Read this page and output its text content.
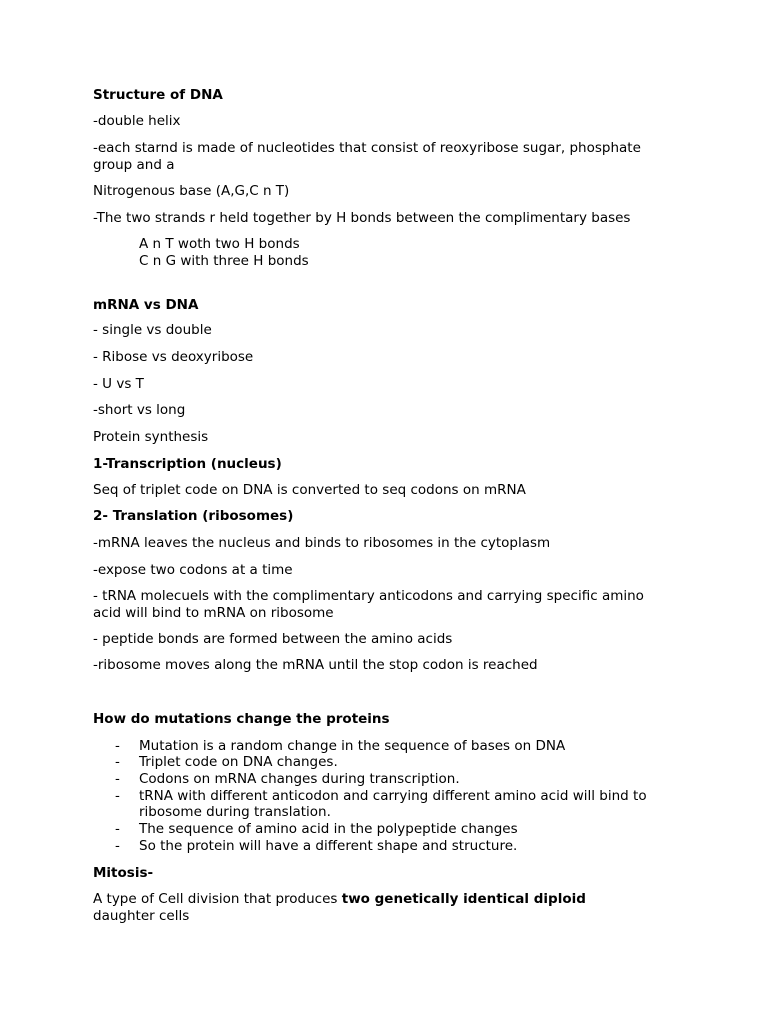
Structure of DNA
-double helix
-each starnd is made of nucleotides that consist of reoxyribose sugar, phosphate
group and a
Nitrogenous base (A,G,C n T)
-The two strands r held together by H bonds between the complimentary bases
A n T woth two H bonds
C n G with three H bonds
mRNA vs DNA
- single vs double
- Ribose vs deoxyribose
- U vs T
-short vs long
Protein synthesis
1-Transcription (nucleus)
Seq of triplet code on DNA is converted to seq codons on mRNA
2- Translation (ribosomes)
-mRNA leaves the nucleus and binds to ribosomes in the cytoplasm
-expose two codons at a time
- tRNA molecuels with the complimentary anticodons and carrying specific amino
acid will bind to mRNA on ribosome
- peptide bonds are formed between the amino acids
-ribosome moves along the mRNA until the stop codon is reached
How do mutations change the proteins
- Mutation is a random change in the sequence of bases on DNA
- Triplet code on DNA changes.
- Codons on mRNA changes during transcription.
- tRNA with different anticodon and carrying different amino acid will bind to
ribosome during translation.
- The sequence of amino acid in the polypeptide changes
- So the protein will have a different shape and structure.
Mitosis-
A type of Cell division that produces two genetically identical diploid
daughter cells
